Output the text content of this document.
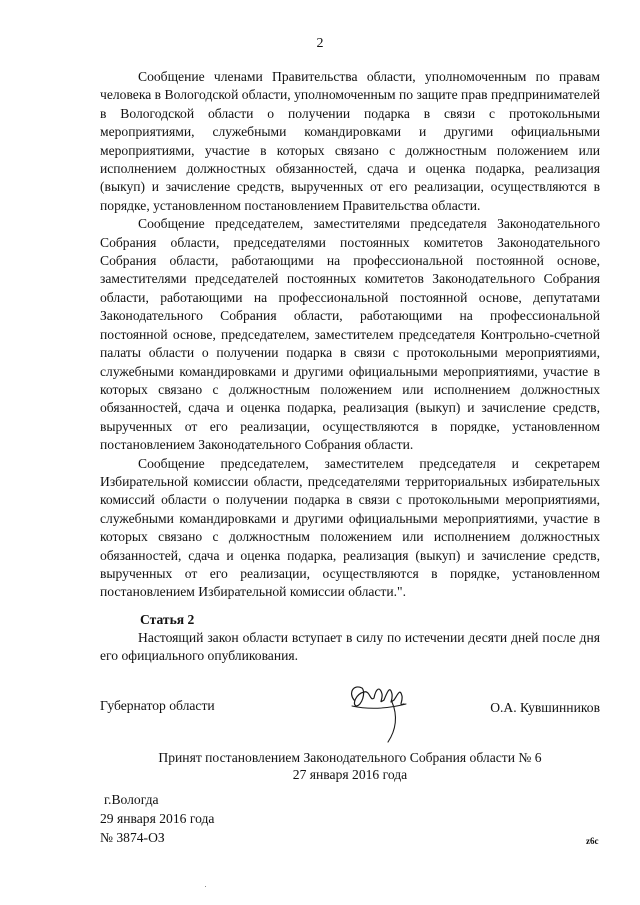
2

Сообщение членами Правительства области, уполномоченным по правам человека в Вологодской области, уполномоченным по защите прав предпринимателей в Вологодской области о получении подарка в связи с протокольными мероприятиями, служебными командировками и другими официальными мероприятиями, участие в которых связано с должностным положением или исполнением должностных обязанностей, сдача и оценка подарка, реализация (выкуп) и зачисление средств, вырученных от его реализации, осуществляются в порядке, установленном постановлением Правительства области.

Сообщение председателем, заместителями председателя Законодательного Собрания области, председателями постоянных комитетов Законодательного Собрания области, работающими на профессиональной постоянной основе, заместителями председателей постоянных комитетов Законодательного Собрания области, работающими на профессиональной постоянной основе, депутатами Законодательного Собрания области, работающими на профессиональной постоянной основе, председателем, заместителем председателя Контрольно-счетной палаты области о получении подарка в связи с протокольными мероприятиями, служебными командировками и другими официальными мероприятиями, участие в которых связано с должностным положением или исполнением должностных обязанностей, сдача и оценка подарка, реализация (выкуп) и зачисление средств, вырученных от его реализации, осуществляются в порядке, установленном постановлением Законодательного Собрания области.

Сообщение председателем, заместителем председателя и секретарем Избирательной комиссии области, председателями территориальных избирательных комиссий области о получении подарка в связи с протокольными мероприятиями, служебными командировками и другими официальными мероприятиями, участие в которых связано с должностным положением или исполнением должностных обязанностей, сдача и оценка подарка, реализация (выкуп) и зачисление средств, вырученных от его реализации, осуществляются в порядке, установленном постановлением Избирательной комиссии области.".

Статья 2

Настоящий закон области вступает в силу по истечении десяти дней после дня его официального опубликования.

Губернатор области	О.А. Кувшинников
Принят постановлением Законодательного Собрания области № 6
27 января 2016 года
г.Вологда
29 января 2016 года
№ 3874-ОЗ	z6c
